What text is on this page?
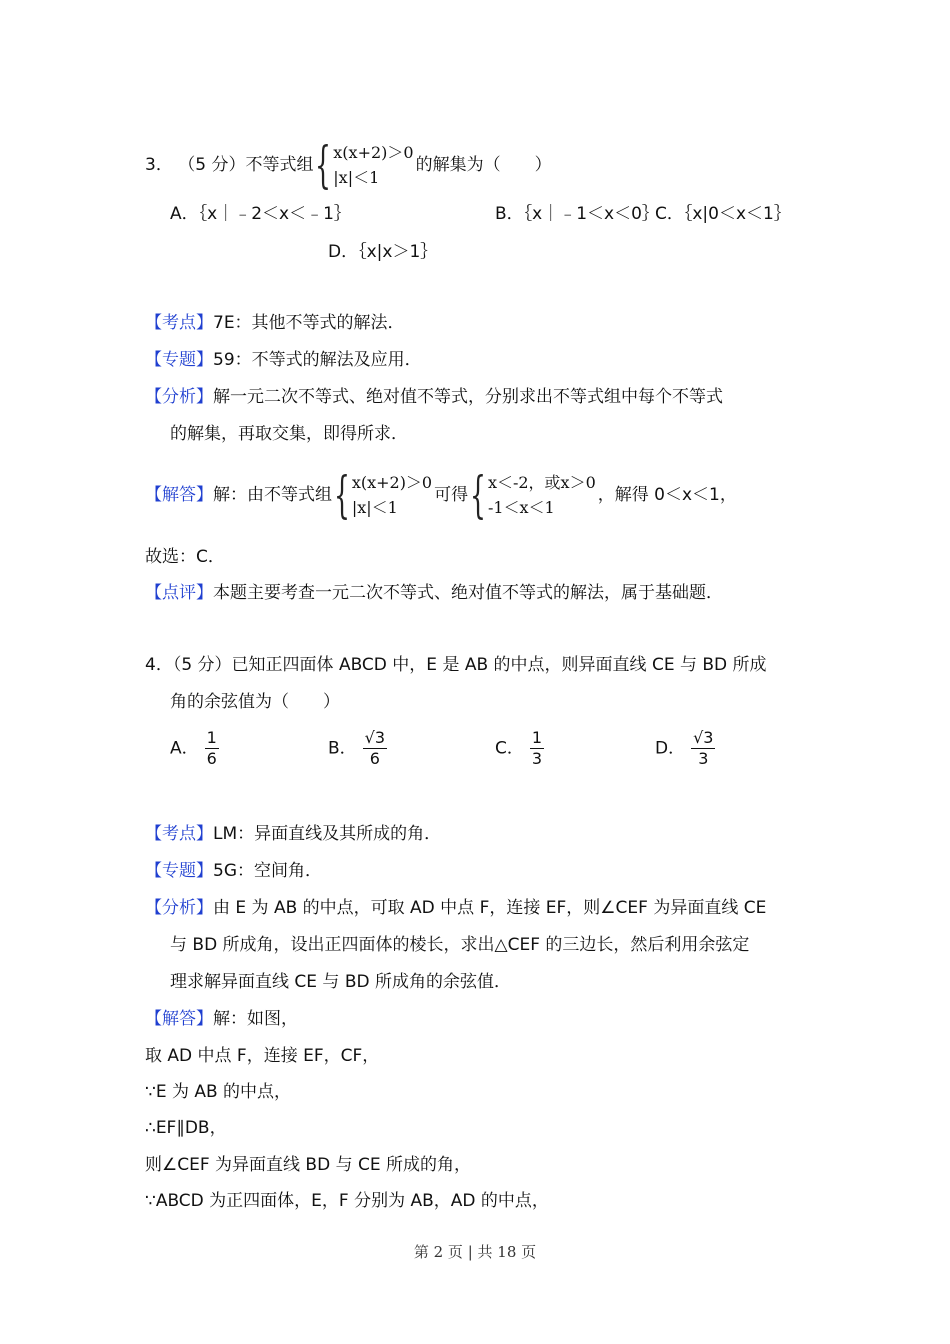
3． （5 分）不等式组 { x(x+2)＞0
|x|＜1
的解集为（　　）
A．｛x｜﹣2＜x＜﹣1｝	B．｛x｜﹣1＜x＜0｝
C．｛x|0＜x＜1｝
D．｛x|x＞1｝
【考点】7E：其他不等式的解法．
【专题】59：不等式的解法及应用．
【分析】解一元二次不等式、绝对值不等式，分别求出不等式组中每个不等式
的解集，再取交集，即得所求．
【解答】解：由不等式组 { x(x+2)＞0
|x|＜1
可得 { x＜-2，或x＞0
-1＜x＜1
，解得 0＜x＜1，
故选：C．
【点评】本题主要考查一元二次不等式、绝对值不等式的解法，属于基础题．
4．（5 分）已知正四面体 ABCD 中，E 是 AB 的中点，则异面直线 CE 与 BD 所成
角的余弦值为（　　）
A． $\frac{1}{6}$	B． $\frac{√3}{6}$	C． $\frac{1}{3}$	D． $\frac{√3}{3}$
【考点】LM：异面直线及其所成的角．
【专题】5G：空间角．
【分析】由 E 为 AB 的中点，可取 AD 中点 F，连接 EF，则∠CEF 为异面直线 CE
与 BD 所成角，设出正四面体的棱长，求出△CEF 的三边长，然后利用余弦定
理求解异面直线 CE 与 BD 所成角的余弦值．
【解答】解：如图，
取 AD 中点 F，连接 EF，CF，
∵E 为 AB 的中点，
∴EF∥DB，
则∠CEF 为异面直线 BD 与 CE 所成的角，
∵ABCD 为正四面体，E，F 分别为 AB，AD 的中点，
第 2 页 | 共 18 页
